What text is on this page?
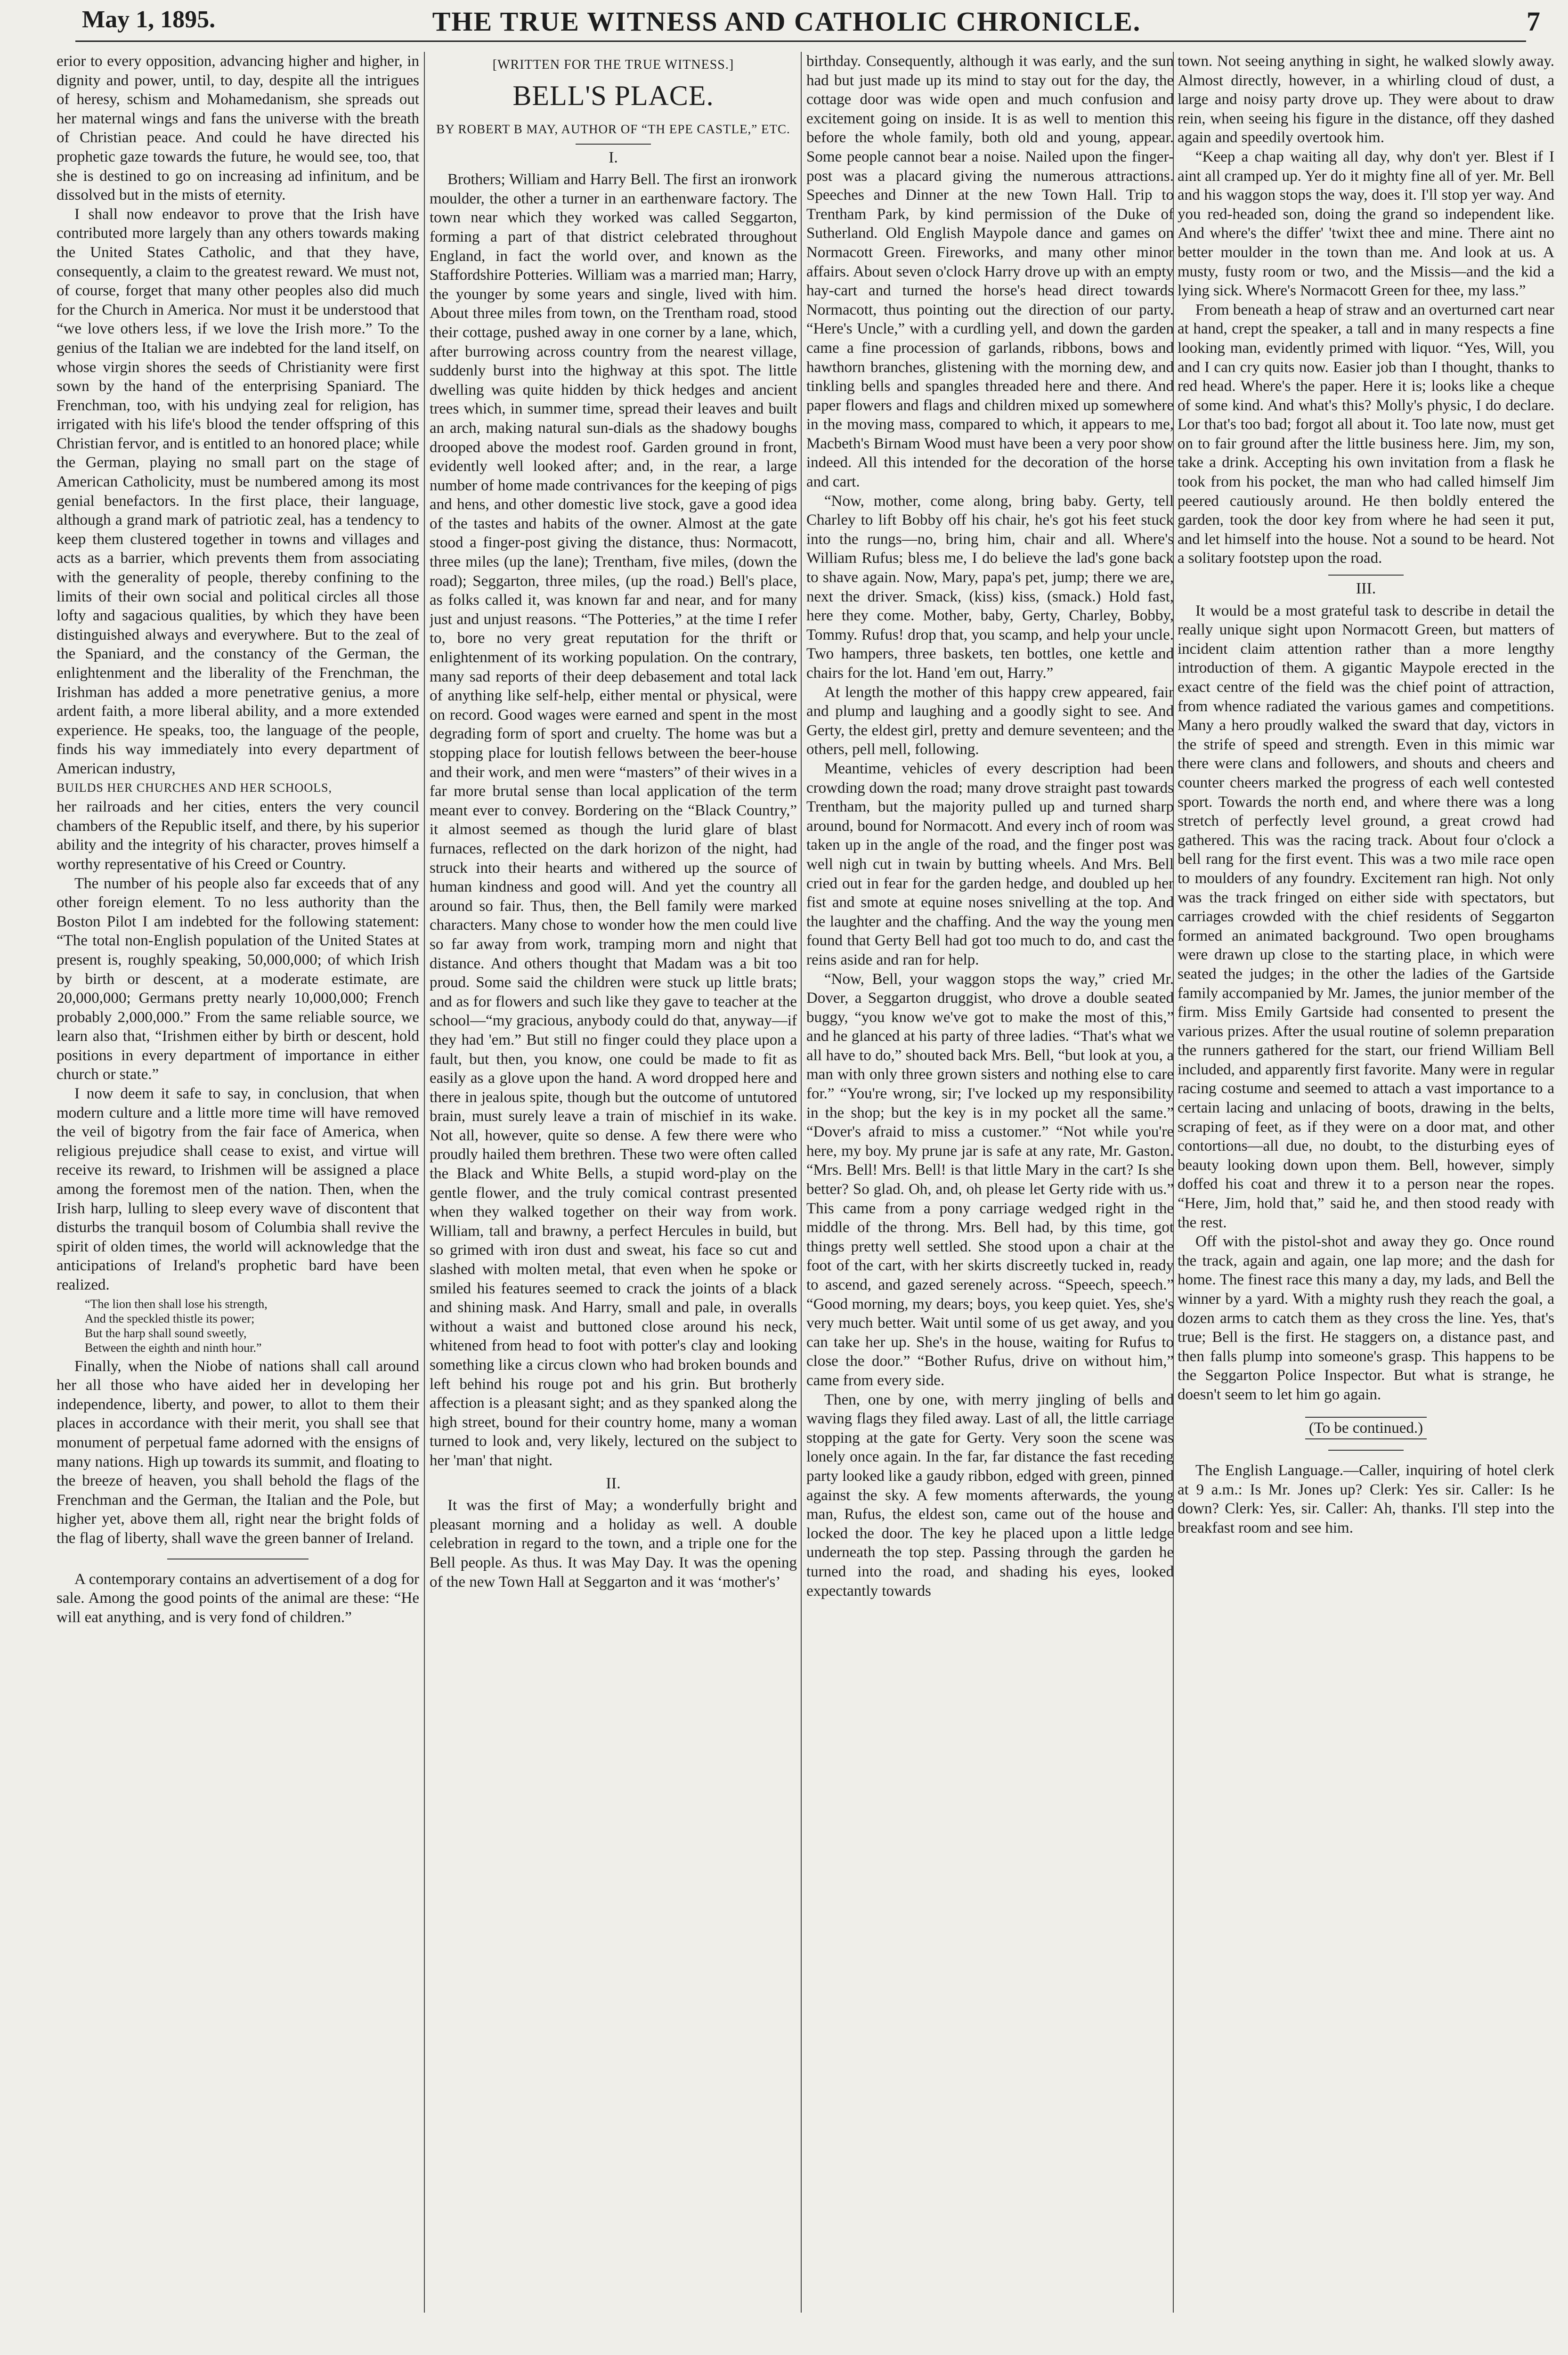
May 1, 1895.	THE TRUE WITNESS AND CATHOLIC CHRONICLE.	7

erior to every opposition, advancing higher and higher, in dignity and power, until, to day, despite all the intrigues of heresy, schism and Mohamedanism, she spreads out her maternal wings and fans the universe with the breath of Christian peace. And could he have directed his prophetic gaze towards the future, he would see, too, that she is destined to go on increasing ad infinitum, and be dissolved but in the mists of eternity.

I shall now endeavor to prove that the Irish have contributed more largely than any others towards making the United States Catholic, and that they have, consequently, a claim to the greatest reward. We must not, of course, forget that many other peoples also did much for the Church in America. Nor must it be understood that “we love others less, if we love the Irish more.” To the genius of the Italian we are indebted for the land itself, on whose virgin shores the seeds of Christianity were first sown by the hand of the enterprising Spaniard. The Frenchman, too, with his undying zeal for religion, has irrigated with his life's blood the tender offspring of this Christian fervor, and is entitled to an honored place; while the German, playing no small part on the stage of American Catholicity, must be numbered among its most genial benefactors. In the first place, their language, although a grand mark of patriotic zeal, has a tendency to keep them clustered together in towns and villages and acts as a barrier, which prevents them from associating with the generality of people, thereby confining to the limits of their own social and political circles all those lofty and sagacious qualities, by which they have been distinguished always and everywhere. But to the zeal of the Spaniard, and the constancy of the German, the enlightenment and the liberality of the Frenchman, the Irishman has added a more penetrative genius, a more ardent faith, a more liberal ability, and a more extended experience. He speaks, too, the language of the people, finds his way immediately into every department of American industry,

BUILDS HER CHURCHES AND HER SCHOOLS,

her railroads and her cities, enters the very council chambers of the Republic itself, and there, by his superior ability and the integrity of his character, proves himself a worthy representative of his Creed or Country.

The number of his people also far exceeds that of any other foreign element. To no less authority than the Boston Pilot I am indebted for the following statement: “The total non-English population of the United States at present is, roughly speaking, 50,000,000; of which Irish by birth or descent, at a moderate estimate, are 20,000,000; Germans pretty nearly 10,000,000; French probably 2,000,000.” From the same reliable source, we learn also that, “Irishmen either by birth or descent, hold positions in every department of importance in either church or state.”

I now deem it safe to say, in conclusion, that when modern culture and a little more time will have removed the veil of bigotry from the fair face of America, when religious prejudice shall cease to exist, and virtue will receive its reward, to Irishmen will be assigned a place among the foremost men of the nation. Then, when the Irish harp, lulling to sleep every wave of discontent that disturbs the tranquil bosom of Columbia shall revive the spirit of olden times, the world will acknowledge that the anticipations of Ireland's prophetic bard have been realized.

“The lion then shall lose his strength,
And the speckled thistle its power;
But the harp shall sound sweetly,
Between the eighth and ninth hour.”

Finally, when the Niobe of nations shall call around her all those who have aided her in developing her independence, liberty, and power, to allot to them their places in accordance with their merit, you shall see that monument of perpetual fame adorned with the ensigns of many nations. High up towards its summit, and floating to the breeze of heaven, you shall behold the flags of the Frenchman and the German, the Italian and the Pole, but higher yet, above them all, right near the bright folds of the flag of liberty, shall wave the green banner of Ireland.

A contemporary contains an advertisement of a dog for sale. Among the good points of the animal are these: “He will eat anything, and is very fond of children.”

[WRITTEN FOR THE TRUE WITNESS.]
BELL'S PLACE.
BY ROBERT B MAY, AUTHOR OF “TH EPE CASTLE,” ETC.
I.

Brothers; William and Harry Bell. The first an ironwork moulder, the other a turner in an earthenware factory. The town near which they worked was called Seggarton, forming a part of that district celebrated throughout England, in fact the world over, and known as the Staffordshire Potteries. William was a married man; Harry, the younger by some years and single, lived with him. About three miles from town, on the Trentham road, stood their cottage, pushed away in one corner by a lane, which, after burrowing across country from the nearest village, suddenly burst into the highway at this spot. The little dwelling was quite hidden by thick hedges and ancient trees which, in summer time, spread their leaves and built an arch, making natural sun-dials as the shadowy boughs drooped above the modest roof. Garden ground in front, evidently well looked after; and, in the rear, a large number of home made contrivances for the keeping of pigs and hens, and other domestic live stock, gave a good idea of the tastes and habits of the owner. Almost at the gate stood a finger-post giving the distance, thus: Normacott, three miles (up the lane); Trentham, five miles, (down the road); Seggarton, three miles, (up the road.) Bell's place, as folks called it, was known far and near, and for many just and unjust reasons. “The Potteries,” at the time I refer to, bore no very great reputation for the thrift or enlightenment of its working population. On the contrary, many sad reports of their deep debasement and total lack of anything like self-help, either mental or physical, were on record. Good wages were earned and spent in the most degrading form of sport and cruelty. The home was but a stopping place for loutish fellows between the beer-house and their work, and men were “masters” of their wives in a far more brutal sense than local application of the term meant ever to convey. Bordering on the “Black Country,” it almost seemed as though the lurid glare of blast furnaces, reflected on the dark horizon of the night, had struck into their hearts and withered up the source of human kindness and good will. And yet the country all around so fair. Thus, then, the Bell family were marked characters. Many chose to wonder how the men could live so far away from work, tramping morn and night that distance. And others thought that Madam was a bit too proud. Some said the children were stuck up little brats; and as for flowers and such like they gave to teacher at the school—“my gracious, anybody could do that, anyway—if they had 'em.” But still no finger could they place upon a fault, but then, you know, one could be made to fit as easily as a glove upon the hand. A word dropped here and there in jealous spite, though but the outcome of untutored brain, must surely leave a train of mischief in its wake. Not all, however, quite so dense. A few there were who proudly hailed them brethren. These two were often called the Black and White Bells, a stupid word-play on the gentle flower, and the truly comical contrast presented when they walked together on their way from work. William, tall and brawny, a perfect Hercules in build, but so grimed with iron dust and sweat, his face so cut and slashed with molten metal, that even when he spoke or smiled his features seemed to crack the joints of a black and shining mask. And Harry, small and pale, in overalls without a waist and buttoned close around his neck, whitened from head to foot with potter's clay and looking something like a circus clown who had broken bounds and left behind his rouge pot and his grin. But brotherly affection is a pleasant sight; and as they spanked along the high street, bound for their country home, many a woman turned to look and, very likely, lectured on the subject to her 'man' that night.

II.

It was the first of May; a wonderfully bright and pleasant morning and a holiday as well. A double celebration in regard to the town, and a triple one for the Bell people. As thus. It was May Day. It was the opening of the new Town Hall at Seggarton and it was ‘mother's’

birthday. Consequently, although it was early, and the sun had but just made up its mind to stay out for the day, the cottage door was wide open and much confusion and excitement going on inside. It is as well to mention this before the whole family, both old and young, appear. Some people cannot bear a noise. Nailed upon the finger-post was a placard giving the numerous attractions. Speeches and Dinner at the new Town Hall. Trip to Trentham Park, by kind permission of the Duke of Sutherland. Old English Maypole dance and games on Normacott Green. Fireworks, and many other minor affairs. About seven o'clock Harry drove up with an empty hay-cart and turned the horse's head direct towards Normacott, thus pointing out the direction of our party. “Here's Uncle,” with a curdling yell, and down the garden came a fine procession of garlands, ribbons, bows and hawthorn branches, glistening with the morning dew, and tinkling bells and spangles threaded here and there. And paper flowers and flags and children mixed up somewhere in the moving mass, compared to which, it appears to me, Macbeth's Birnam Wood must have been a very poor show indeed. All this intended for the decoration of the horse and cart.

“Now, mother, come along, bring baby. Gerty, tell Charley to lift Bobby off his chair, he's got his feet stuck into the rungs—no, bring him, chair and all. Where's William Rufus; bless me, I do believe the lad's gone back to shave again. Now, Mary, papa's pet, jump; there we are, next the driver. Smack, (kiss) kiss, (smack.) Hold fast, here they come. Mother, baby, Gerty, Charley, Bobby, Tommy. Rufus! drop that, you scamp, and help your uncle. Two hampers, three baskets, ten bottles, one kettle and chairs for the lot. Hand 'em out, Harry.”

At length the mother of this happy crew appeared, fair and plump and laughing and a goodly sight to see. And Gerty, the eldest girl, pretty and demure seventeen; and the others, pell mell, following.

Meantime, vehicles of every description had been crowding down the road; many drove straight past towards Trentham, but the majority pulled up and turned sharp around, bound for Normacott. And every inch of room was taken up in the angle of the road, and the finger post was well nigh cut in twain by butting wheels. And Mrs. Bell cried out in fear for the garden hedge, and doubled up her fist and smote at equine noses snivelling at the top. And the laughter and the chaffing. And the way the young men found that Gerty Bell had got too much to do, and cast the reins aside and ran for help.

“Now, Bell, your waggon stops the way,” cried Mr. Dover, a Seggarton druggist, who drove a double seated buggy, “you know we've got to make the most of this,” and he glanced at his party of three ladies. “That's what we all have to do,” shouted back Mrs. Bell, “but look at you, a man with only three grown sisters and nothing else to care for.” “You're wrong, sir; I've locked up my responsibility in the shop; but the key is in my pocket all the same.” “Dover's afraid to miss a customer.” “Not while you're here, my boy. My prune jar is safe at any rate, Mr. Gaston. “Mrs. Bell! Mrs. Bell! is that little Mary in the cart? Is she better? So glad. Oh, and, oh please let Gerty ride with us.” This came from a pony carriage wedged right in the middle of the throng. Mrs. Bell had, by this time, got things pretty well settled. She stood upon a chair at the foot of the cart, with her skirts discreetly tucked in, ready to ascend, and gazed serenely across. “Speech, speech.” “Good morning, my dears; boys, you keep quiet. Yes, she's very much better. Wait until some of us get away, and you can take her up. She's in the house, waiting for Rufus to close the door.” “Bother Rufus, drive on without him,” came from every side.

Then, one by one, with merry jingling of bells and waving flags they filed away. Last of all, the little carriage stopping at the gate for Gerty. Very soon the scene was lonely once again. In the far, far distance the fast receding party looked like a gaudy ribbon, edged with green, pinned against the sky. A few moments afterwards, the young man, Rufus, the eldest son, came out of the house and locked the door. The key he placed upon a little ledge underneath the top step. Passing through the garden he turned into the road, and shading his eyes, looked expectantly towards

town. Not seeing anything in sight, he walked slowly away. Almost directly, however, in a whirling cloud of dust, a large and noisy party drove up. They were about to draw rein, when seeing his figure in the distance, off they dashed again and speedily overtook him.

“Keep a chap waiting all day, why don't yer. Blest if I aint all cramped up. Yer do it mighty fine all of yer. Mr. Bell and his waggon stops the way, does it. I'll stop yer way. And you red-headed son, doing the grand so independent like. And where's the differ' 'twixt thee and mine. There aint no better moulder in the town than me. And look at us. A musty, fusty room or two, and the Missis—and the kid a lying sick. Where's Normacott Green for thee, my lass.”

From beneath a heap of straw and an overturned cart near at hand, crept the speaker, a tall and in many respects a fine looking man, evidently primed with liquor. “Yes, Will, you and I can cry quits now. Easier job than I thought, thanks to red head. Where's the paper. Here it is; looks like a cheque of some kind. And what's this? Molly's physic, I do declare. Lor that's too bad; forgot all about it. Too late now, must get on to fair ground after the little business here. Jim, my son, take a drink. Accepting his own invitation from a flask he took from his pocket, the man who had called himself Jim peered cautiously around. He then boldly entered the garden, took the door key from where he had seen it put, and let himself into the house. Not a sound to be heard. Not a solitary footstep upon the road.

III.

It would be a most grateful task to describe in detail the really unique sight upon Normacott Green, but matters of incident claim attention rather than a more lengthy introduction of them. A gigantic Maypole erected in the exact centre of the field was the chief point of attraction, from whence radiated the various games and competitions. Many a hero proudly walked the sward that day, victors in the strife of speed and strength. Even in this mimic war there were clans and followers, and shouts and cheers and counter cheers marked the progress of each well contested sport. Towards the north end, and where there was a long stretch of perfectly level ground, a great crowd had gathered. This was the racing track. About four o'clock a bell rang for the first event. This was a two mile race open to moulders of any foundry. Excitement ran high. Not only was the track fringed on either side with spectators, but carriages crowded with the chief residents of Seggarton formed an animated background. Two open broughams were drawn up close to the starting place, in which were seated the judges; in the other the ladies of the Gartside family accompanied by Mr. James, the junior member of the firm. Miss Emily Gartside had consented to present the various prizes. After the usual routine of solemn preparation the runners gathered for the start, our friend William Bell included, and apparently first favorite. Many were in regular racing costume and seemed to attach a vast importance to a certain lacing and unlacing of boots, drawing in the belts, scraping of feet, as if they were on a door mat, and other contortions—all due, no doubt, to the disturbing eyes of beauty looking down upon them. Bell, however, simply doffed his coat and threw it to a person near the ropes. “Here, Jim, hold that,” said he, and then stood ready with the rest.

Off with the pistol-shot and away they go. Once round the track, again and again, one lap more; and the dash for home. The finest race this many a day, my lads, and Bell the winner by a yard. With a mighty rush they reach the goal, a dozen arms to catch them as they cross the line. Yes, that's true; Bell is the first. He staggers on, a distance past, and then falls plump into someone's grasp. This happens to be the Seggarton Police Inspector. But what is strange, he doesn't seem to let him go again.

(To be continued.)

The English Language.—Caller, inquiring of hotel clerk at 9 a.m.: Is Mr. Jones up? Clerk: Yes sir. Caller: Is he down? Clerk: Yes, sir. Caller: Ah, thanks. I'll step into the breakfast room and see him.
